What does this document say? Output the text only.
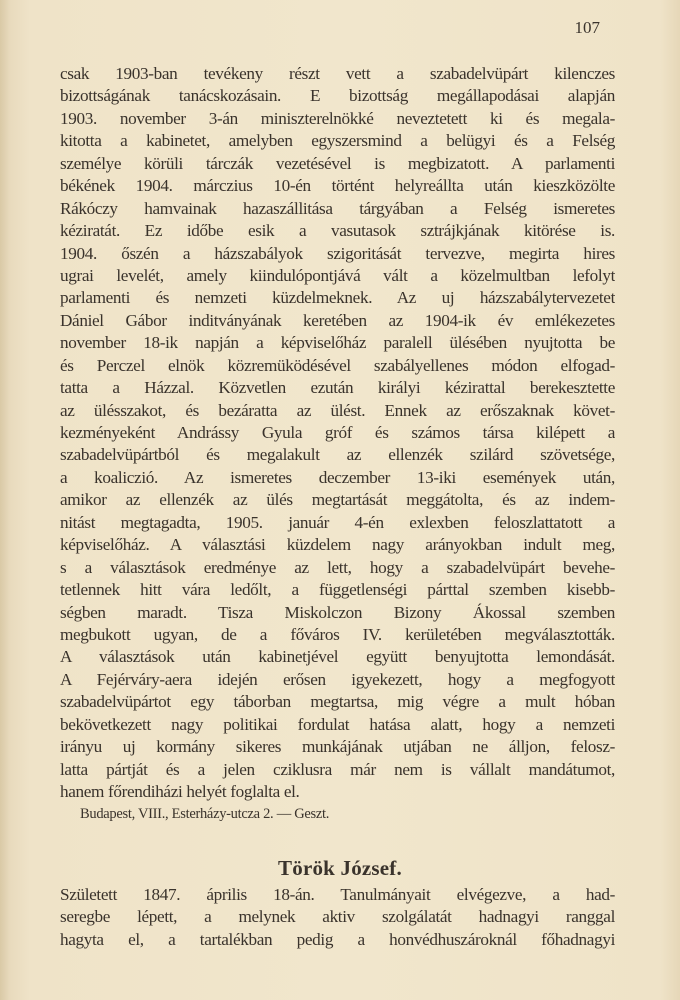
107
csak 1903-ban tevékeny részt vett a szabadelvüpárt kilenczes
bizottságának tanácskozásain. E bizottság megállapodásai alapján
1903. november 3-án miniszterelnökké neveztetett ki és megala-
kitotta a kabinetet, amelyben egyszersmind a belügyi és a Felség
személye körüli tárczák vezetésével is megbizatott. A parlamenti
békének 1904. márczius 10-én történt helyreállta után kieszközölte
Rákóczy hamvainak hazaszállitása tárgyában a Felség ismeretes
kéziratát. Ez időbe esik a vasutasok sztrájkjának kitörése is.
1904. őszén a házszabályok szigoritását tervezve, megirta hires
ugrai levelét, amely kiindulópontjává vált a közelmultban lefolyt
parlamenti és nemzeti küzdelmeknek. Az uj házszabálytervezetet
Dániel Gábor inditványának keretében az 1904-ik év emlékezetes
november 18-ik napján a képviselőház paralell ülésében nyujtotta be
és Perczel elnök közremüködésével szabályellenes módon elfogad-
tatta a Házzal. Közvetlen ezután királyi kézirattal berekesztette
az ülésszakot, és bezáratta az ülést. Ennek az erőszaknak követ-
kezményeként Andrássy Gyula gróf és számos társa kilépett a
szabadelvüpártból és megalakult az ellenzék szilárd szövetsége,
a koaliczió. Az ismeretes deczember 13-iki események után,
amikor az ellenzék az ülés megtartását meggátolta, és az indem-
nitást megtagadta, 1905. január 4-én exlexben feloszlattatott a
képviselőház. A választási küzdelem nagy arányokban indult meg,
s a választások eredménye az lett, hogy a szabadelvüpárt bevehe-
tetlennek hitt vára ledőlt, a függetlenségi párttal szemben kisebb-
ségben maradt. Tisza Miskolczon Bizony Ákossal szemben
megbukott ugyan, de a főváros IV. kerületében megválasztották.
A választások után kabinetjével együtt benyujtotta lemondását.
A Fejérváry-aera idején erősen igyekezett, hogy a megfogyott
szabadelvüpártot egy táborban megtartsa, mig végre a mult hóban
bekövetkezett nagy politikai fordulat hatása alatt, hogy a nemzeti
irányu uj kormány sikeres munkájának utjában ne álljon, felosz-
latta pártját és a jelen cziklusra már nem is vállalt mandátumot,
hanem főrendiházi helyét foglalta el.
Budapest, VIII., Esterházy-utcza 2. — Geszt.
Török József.
Született 1847. április 18-án. Tanulmányait elvégezve, a had-
seregbe lépett, a melynek aktiv szolgálatát hadnagyi ranggal
hagyta el, a tartalékban pedig a honvédhuszároknál főhadnagyi
